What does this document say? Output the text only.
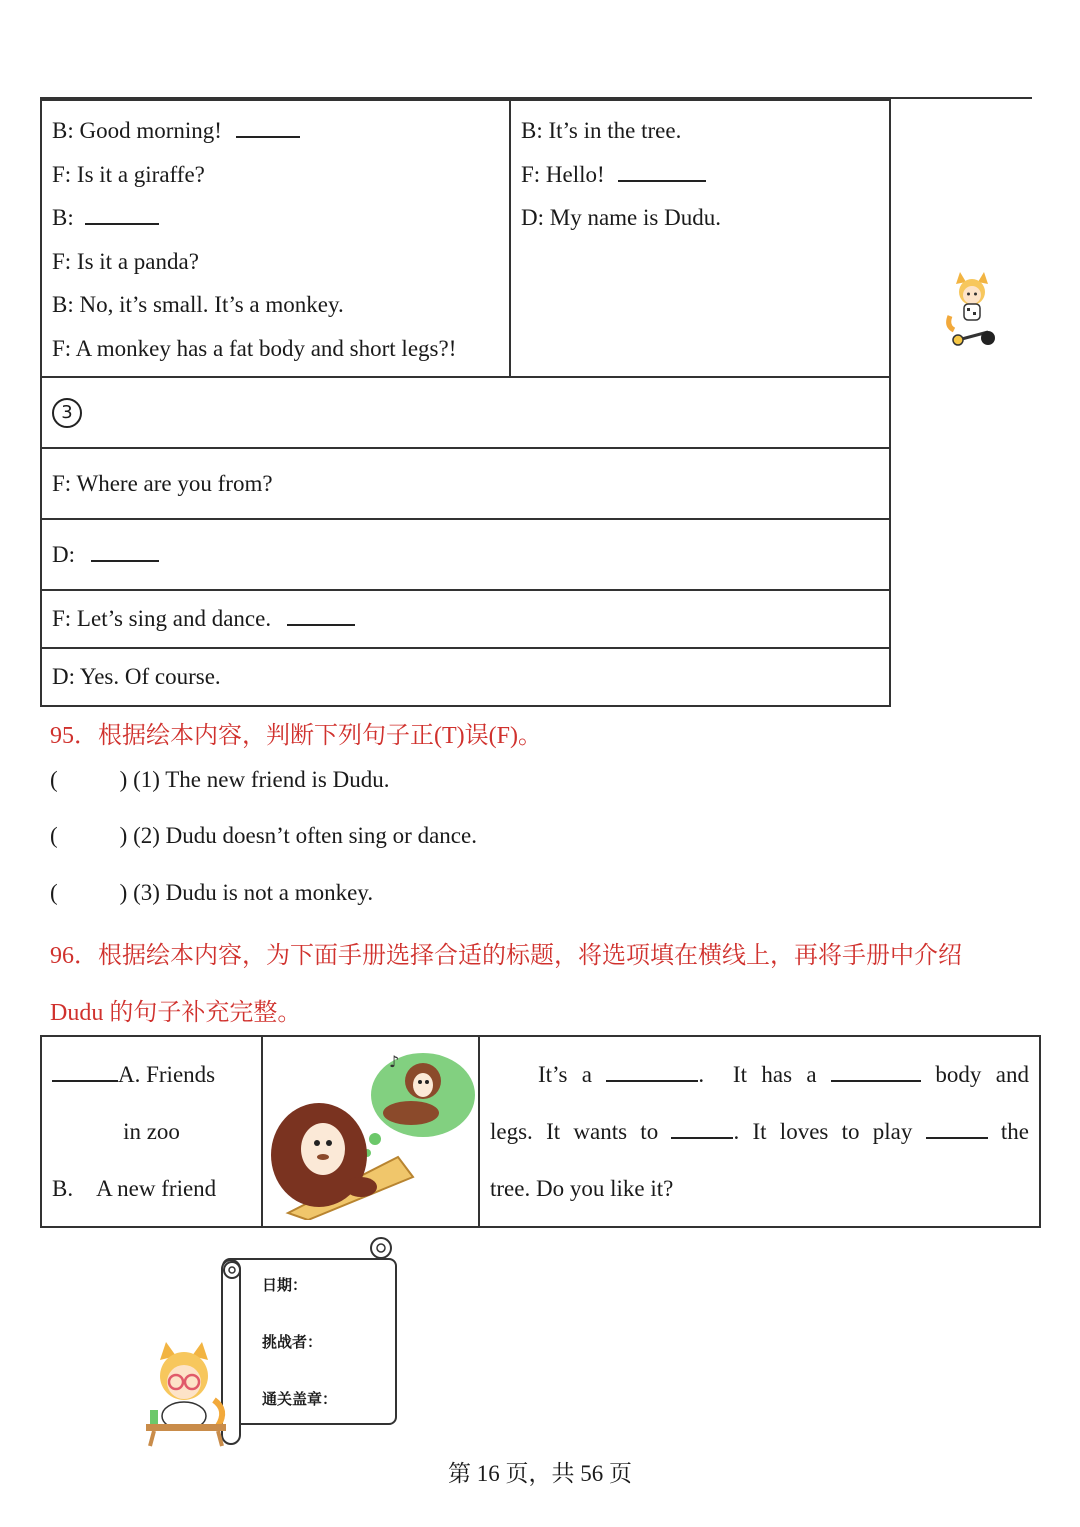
B: Good morning!
F: Is it a giraffe?
B:
F: Is it a panda?
B: No, it’s small. It’s a monkey.
F: A monkey has a fat body and short legs?!

B: It’s in the tree.
F: Hello!
D: My name is Dudu.

3
F: Where are you from?
D:
F: Let’s sing and dance.
D: Yes. Of course.
95．根据绘本内容，判断下列句子正(T)误(F)。
(	) (1) The new friend is Dudu.
(	) (2) Dudu doesn’t often sing or dance.
(	) (3) Dudu is not a monkey.
96．根据绘本内容，为下面手册选择合适的标题，将选项填在横线上，再将手册中介绍
Dudu 的句子补充完整。
A. Friends
in zoo
B.　A new friend

♪

It’s a	.  It has a	body and
legs. It wants to	. It loves to play	the
tree. Do you like it?
日期：
挑战者：
通关盖章：
第 16 页，共 56 页
